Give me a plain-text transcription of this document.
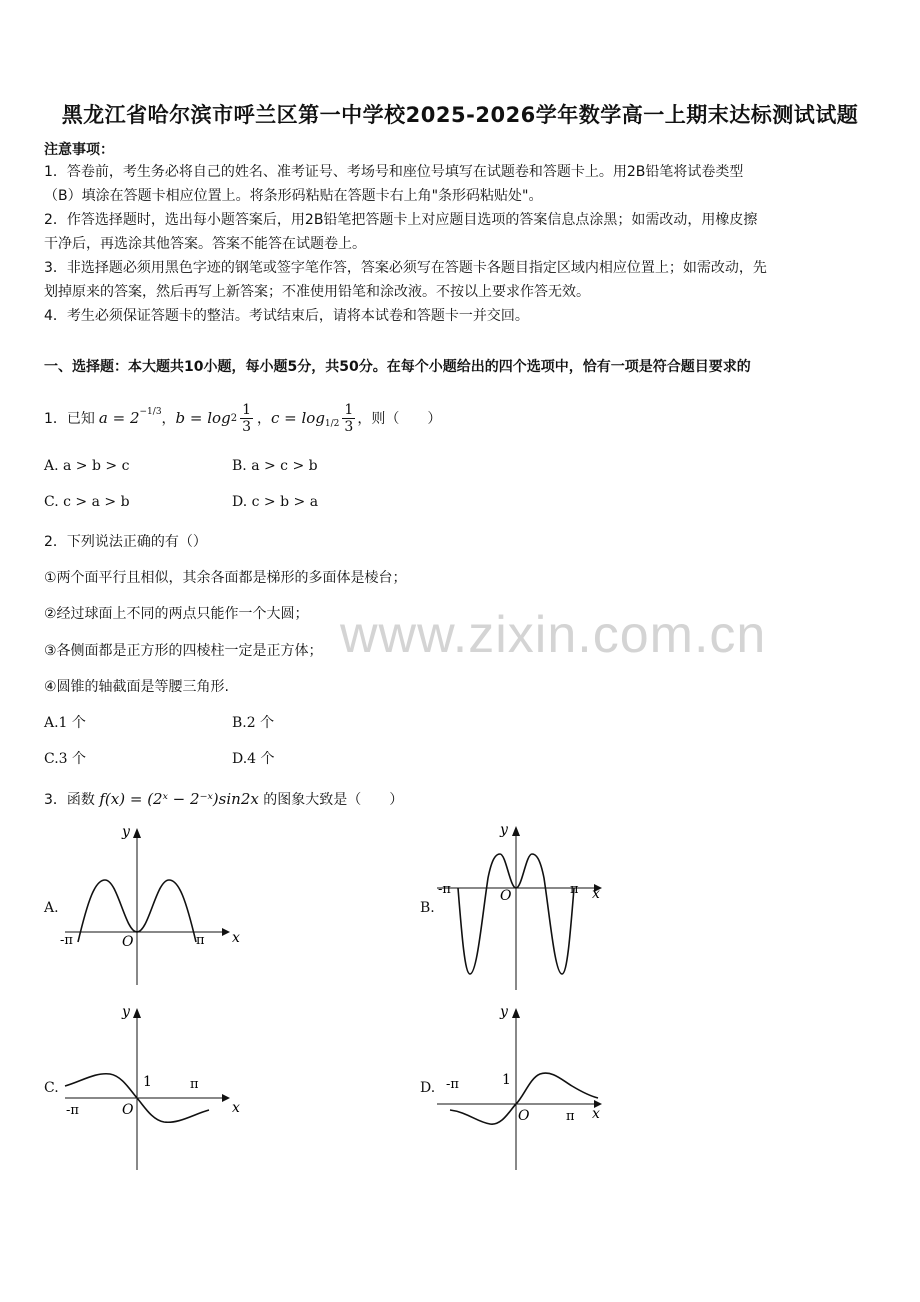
黑龙江省哈尔滨市呼兰区第一中学校2025-2026学年数学高一上期末达标测试试题
注意事项：
1．答卷前，考生务必将自己的姓名、准考证号、考场号和座位号填写在试题卷和答题卡上。用2B铅笔将试卷类型
（B）填涂在答题卡相应位置上。将条形码粘贴在答题卡右上角"条形码粘贴处"。
2．作答选择题时，选出每小题答案后，用2B铅笔把答题卡上对应题目选项的答案信息点涂黑；如需改动，用橡皮擦
干净后，再选涂其他答案。答案不能答在试题卷上。
3．非选择题必须用黑色字迹的钢笔或签字笔作答，答案必须写在答题卡各题目指定区域内相应位置上；如需改动，先
划掉原来的答案，然后再写上新答案；不准使用铅笔和涂改液。不按以上要求作答无效。
4．考生必须保证答题卡的整洁。考试结束后，请将本试卷和答题卡一并交回。
一、选择题：本大题共10小题，每小题5分，共50分。在每个小题给出的四个选项中，恰有一项是符合题目要求的
1．已知 $a = 2^{-1/3}$ ， $b = \log 2 \frac{1}{3}$ ， $c = \log_{1/2} \frac{1}{3}$ ，则（　　）
A. a > b > c	B. a > c > b
C. c > a > b	D. c > b > a
2．下列说法正确的有（）
①两个面平行且相似，其余各面都是梯形的多面体是棱台；
②经过球面上不同的两点只能作一个大圆；
③各侧面都是正方形的四棱柱一定是正方体；
④圆锥的轴截面是等腰三角形.
A.1 个	B.2 个
C.3 个	D.4 个
www.zixin.com.cn
3．函数 f(x) = (2ˣ − 2⁻ˣ)sin2x 的图象大致是（　　）
A.	B.
C.	D.
x
y
O
-π	π
x
y
O
-π	π
x
y
O
1
-π
π
x
y
O
1
-π
π
